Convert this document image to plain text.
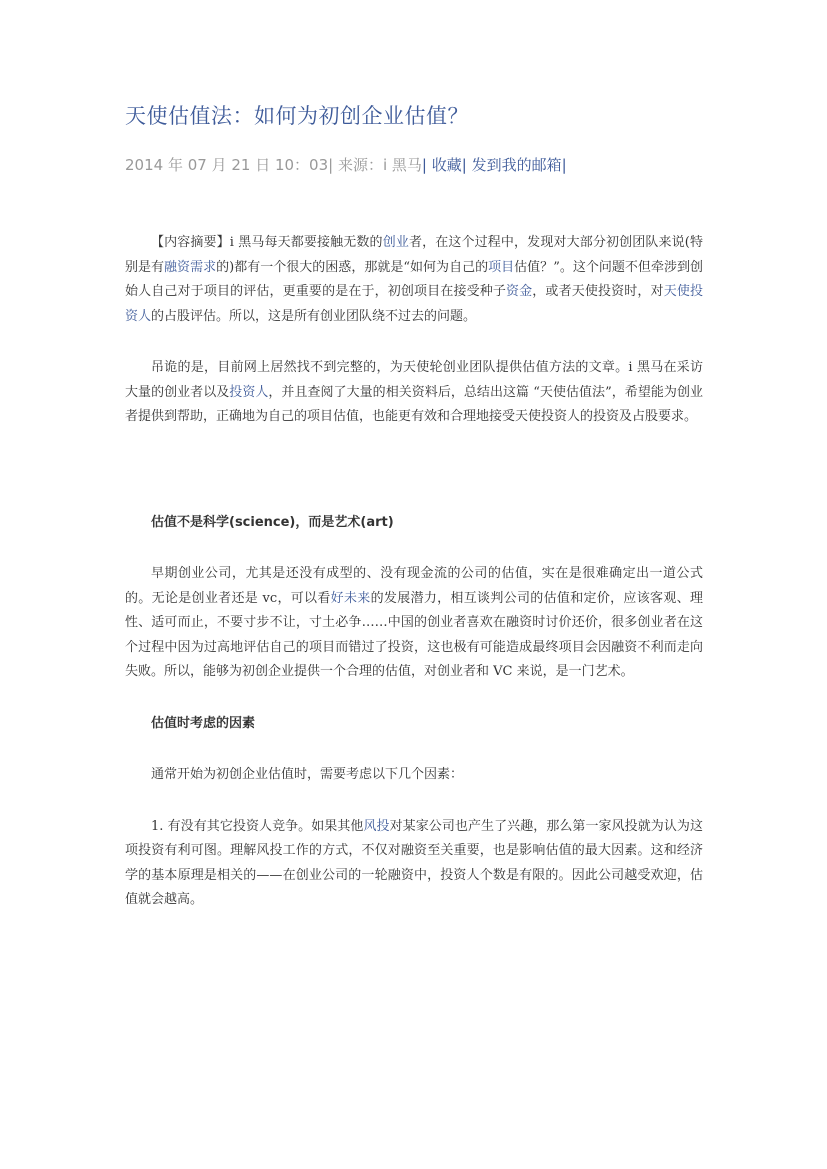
天使估值法：如何为初创企业估值？
2014 年 07 月 21 日 10：03| 来源：i 黑马| 收藏| 发到我的邮箱|

【内容摘要】i 黑马每天都要接触无数的创业者，在这个过程中，发现对大部分初创团队来说(特别是有融资需求的)都有一个很大的困惑，那就是“如何为自己的项目估值？”。这个问题不但牵涉到创始人自己对于项目的评估，更重要的是在于，初创项目在接受种子资金，或者天使投资时，对天使投资人的占股评估。所以，这是所有创业团队绕不过去的问题。

吊诡的是，目前网上居然找不到完整的，为天使轮创业团队提供估值方法的文章。i 黑马在采访大量的创业者以及投资人，并且查阅了大量的相关资料后，总结出这篇 “天使估值法”，希望能为创业者提供到帮助，正确地为自己的项目估值，也能更有效和合理地接受天使投资人的投资及占股要求。

估值不是科学(science)，而是艺术(art)

早期创业公司，尤其是还没有成型的、没有现金流的公司的估值，实在是很难确定出一道公式的。无论是创业者还是 vc，可以看好未来的发展潜力，相互谈判公司的估值和定价，应该客观、理性、适可而止，不要寸步不让，寸土必争……中国的创业者喜欢在融资时讨价还价，很多创业者在这个过程中因为过高地评估自己的项目而错过了投资，这也极有可能造成最终项目会因融资不利而走向失败。所以，能够为初创企业提供一个合理的估值，对创业者和 VC 来说，是一门艺术。

估值时考虑的因素

通常开始为初创企业估值时，需要考虑以下几个因素：

1. 有没有其它投资人竞争。如果其他风投对某家公司也产生了兴趣，那么第一家风投就为认为这项投资有利可图。理解风投工作的方式，不仅对融资至关重要，也是影响估值的最大因素。这和经济学的基本原理是相关的——在创业公司的一轮融资中，投资人个数是有限的。因此公司越受欢迎，估值就会越高。
